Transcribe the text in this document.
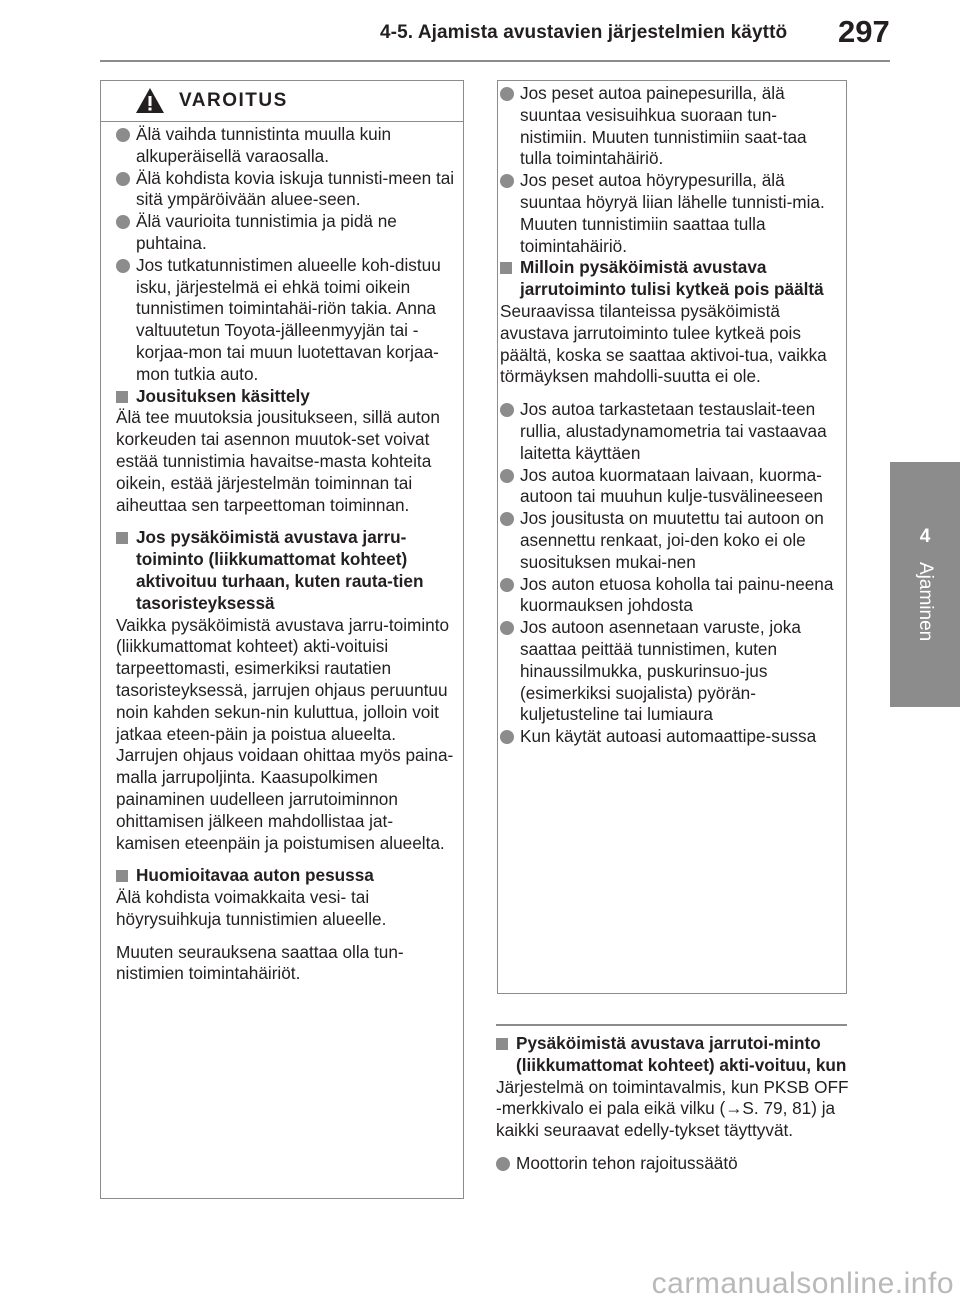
4-5. Ajamista avustavien järjestelmien käyttö 297
4
Ajaminen
VAROITUS

Älä vaihda tunnistinta muulla kuin alkuperäisellä varaosalla.

Älä kohdista kovia iskuja tunnisti-meen tai sitä ympäröivään aluee-seen.

Älä vaurioita tunnistimia ja pidä ne puhtaina.

Jos tutkatunnistimen alueelle koh-distuu isku, järjestelmä ei ehkä toimi oikein tunnistimen toimintahäi-riön takia. Anna valtuutetun Toyota-jälleenmyyjän tai -korjaa-mon tai muun luotettavan korjaa-mon tutkia auto.

Jousituksen käsittely

Älä tee muutoksia jousitukseen, sillä auton korkeuden tai asennon muutok-set voivat estää tunnistimia havaitse-masta kohteita oikein, estää järjestelmän toiminnan tai aiheuttaa sen tarpeettoman toiminnan.

Jos pysäköimistä avustava jarru-toiminto (liikkumattomat kohteet) aktivoituu turhaan, kuten rauta-tien tasoristeyksessä

Vaikka pysäköimistä avustava jarru-toiminto (liikkumattomat kohteet) akti-voituisi tarpeettomasti, esimerkiksi rautatien tasoristeyksessä, jarrujen ohjaus peruuntuu noin kahden sekun-nin kuluttua, jolloin voit jatkaa eteen-päin ja poistua alueelta. Jarrujen ohjaus voidaan ohittaa myös paina-malla jarrupoljinta. Kaasupolkimen painaminen uudelleen jarrutoiminnon ohittamisen jälkeen mahdollistaa jat-kamisen eteenpäin ja poistumisen alueelta.

Huomioitavaa auton pesussa

Älä kohdista voimakkaita vesi- tai höyrysuihkuja tunnistimien alueelle.

Muuten seurauksena saattaa olla tun-nistimien toimintahäiriöt.

Jos peset autoa painepesurilla, älä suuntaa vesisuihkua suoraan tun-nistimiin. Muuten tunnistimiin saat-taa tulla toimintahäiriö.

Jos peset autoa höyrypesurilla, älä suuntaa höyryä liian lähelle tunnisti-mia. Muuten tunnistimiin saattaa tulla toimintahäiriö.

Milloin pysäköimistä avustava jarrutoiminto tulisi kytkeä pois päältä

Seuraavissa tilanteissa pysäköimistä avustava jarrutoiminto tulee kytkeä pois päältä, koska se saattaa aktivoi-tua, vaikka törmäyksen mahdolli-suutta ei ole.

Jos autoa tarkastetaan testauslait-teen rullia, alustadynamometria tai vastaavaa laitetta käyttäen

Jos autoa kuormataan laivaan, kuorma-autoon tai muuhun kulje-tusvälineeseen

Jos jousitusta on muutettu tai autoon on asennettu renkaat, joi-den koko ei ole suosituksen mukai-nen

Jos auton etuosa koholla tai painu-neena kuormauksen johdosta

Jos autoon asennetaan varuste, joka saattaa peittää tunnistimen, kuten hinaussilmukka, puskurinsuo-jus (esimerkiksi suojalista) pyörän-kuljetusteline tai lumiaura

Kun käytät autoasi automaattipe-sussa

Pysäköimistä avustava jarrutoi-minto (liikkumattomat kohteet) akti-voituu, kun

Järjestelmä on toimintavalmis, kun PKSB OFF -merkkivalo ei pala eikä vilku (→S. 79, 81) ja kaikki seuraavat edelly-tykset täyttyvät.

Moottorin tehon rajoitussäätö

carmanualsonline.info
